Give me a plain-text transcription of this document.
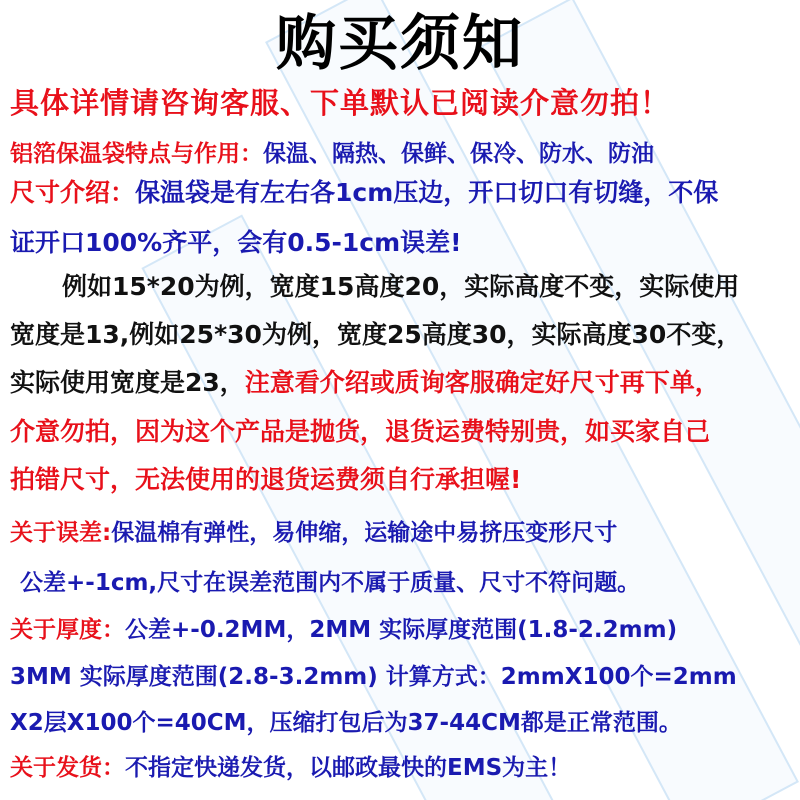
购买须知
具体详情请咨询客服、下单默认已阅读介意勿拍！
铝箔保温袋特点与作用：保温、隔热、保鲜、保冷、防水、防油
尺寸介绍：保温袋是有左右各1cm压边，开口切口有切缝，不保
证开口100%齐平，会有0.5-1cm误差!
例如15*20为例，宽度15高度20，实际高度不变，实际使用
宽度是13,例如25*30为例，宽度25高度30，实际高度30不变，
实际使用宽度是23，注意看介绍或质询客服确定好尺寸再下单，
介意勿拍，因为这个产品是抛货，退货运费特别贵，如买家自己
拍错尺寸，无法使用的退货运费须自行承担喔!
关于误差:保温棉有弹性，易伸缩，运输途中易挤压变形尺寸
公差+-1cm,尺寸在误差范围内不属于质量、尺寸不符问题。
关于厚度：公差+-0.2MM，2MM 实际厚度范围(1.8-2.2mm)
3MM 实际厚度范围(2.8-3.2mm) 计算方式：2mmX100个=2mm
X2层X100个=40CM，压缩打包后为37-44CM都是正常范围。
关于发货：不指定快递发货，以邮政最快的EMS为主！
